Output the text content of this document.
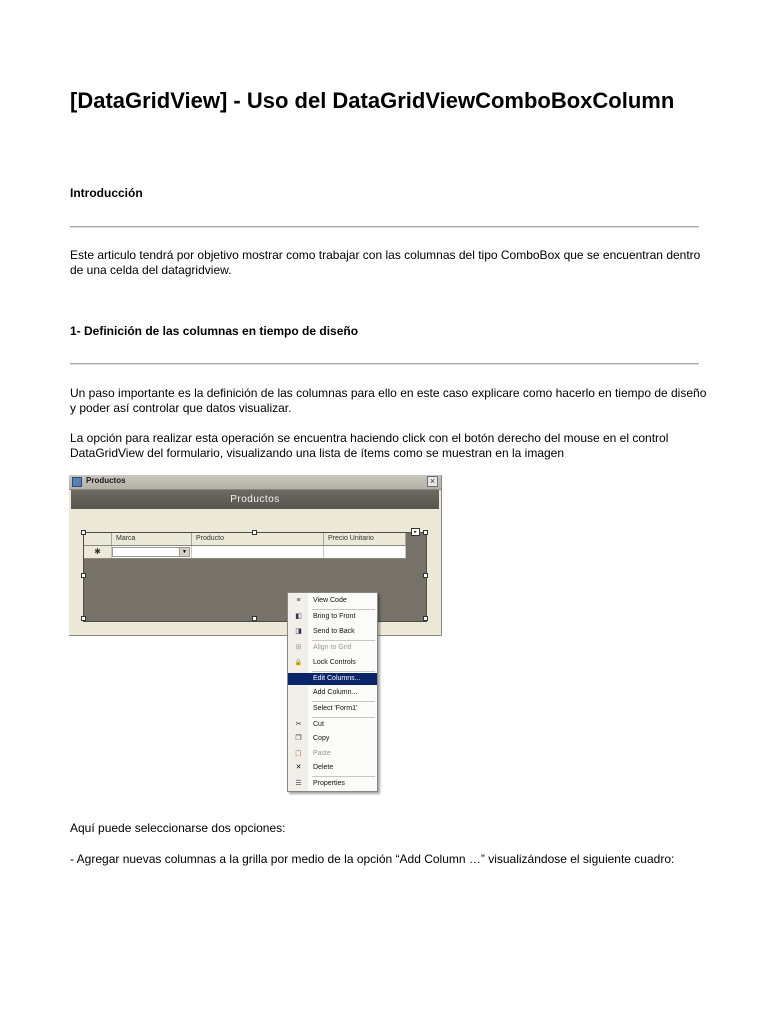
[DataGridView] - Uso del DataGridViewComboBoxColumn
Introducción

Este articulo tendrá por objetivo mostrar como trabajar con las columnas del tipo ComboBox que se encuentran dentro de una celda del datagridview.

1- Definición de las columnas en tiempo de diseño

Un paso importante es la definición de las columnas para ello en este caso explicare como hacerlo en tiempo de diseño y poder así controlar que datos visualizar.

La opción para realizar esta operación se encuentra haciendo click con el botón derecho del mouse en el control DataGridView del formulario, visualizando una lista de ítems como se muestran en la imagen

Productos	×
Productos
Marca	Producto	Precio Unitario
✱	▼
▸
≡	View Code
◧ Bring to Front
◨ Send to Back
⊞ Align to Grid
🔒 Lock Controls
Edit Columns...
Add Column...
Select 'Form1'
✂ Cut
❐ Copy
📋 Paste
✕ Delete
☰ Properties

Aquí puede seleccionarse dos opciones:

- Agregar nuevas columnas a la grilla por medio de la opción “Add Column …” visualizándose el siguiente cuadro:
